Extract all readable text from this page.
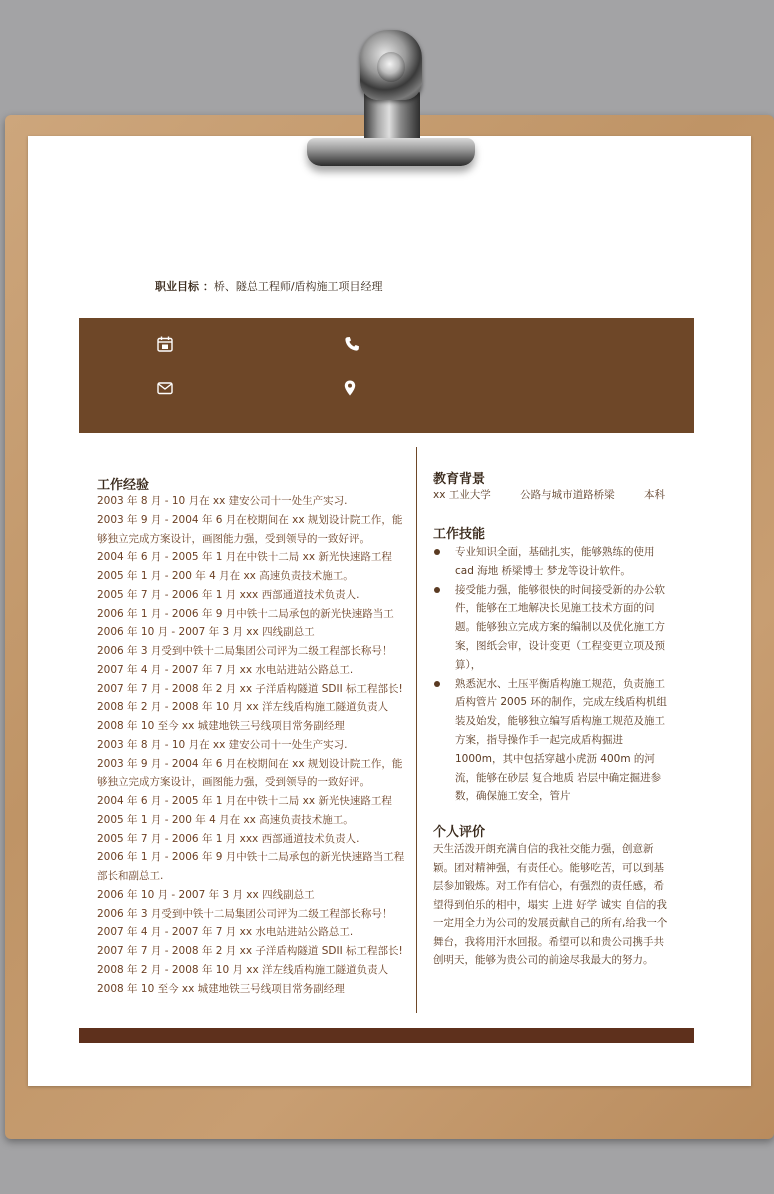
职业目标 ：桥、隧总工程师/盾构施工项目经理
工作经验
2003 年 8 月 - 10 月在 xx 建安公司十一处生产实习.
2003 年 9 月 - 2004 年 6 月在校期间在 xx 规划设计院工作，能够独立完成方案设计，画图能力强，受到领导的一致好评。
2004 年 6 月 - 2005 年 1 月在中铁十二局 xx 新光快速路工程
2005 年 1 月 - 200 年 4 月在 xx 高速负责技术施工。
2005 年 7 月 - 2006 年 1 月 xxx 西部通道技术负责人.
2006 年 1 月 - 2006 年 9 月中铁十二局承包的新光快速路当工
2006 年 10 月 - 2007 年 3 月 xx 四线副总工
2006 年 3 月受到中铁十二局集团公司评为二级工程部长称号！
2007 年 4 月 - 2007 年 7 月 xx 水电站进站公路总工.
2007 年 7 月 - 2008 年 2 月 xx 子洋盾构隧道 SDII 标工程部长!
2008 年 2 月 - 2008 年 10 月 xx 洋左线盾构施工隧道负责人
2008 年 10 至今 xx 城建地铁三号线项目常务副经理
2003 年 8 月 - 10 月在 xx 建安公司十一处生产实习.
2003 年 9 月 - 2004 年 6 月在校期间在 xx 规划设计院工作，能够独立完成方案设计，画图能力强，受到领导的一致好评。
2004 年 6 月 - 2005 年 1 月在中铁十二局 xx 新光快速路工程
2005 年 1 月 - 200 年 4 月在 xx 高速负责技术施工。
2005 年 7 月 - 2006 年 1 月 xxx 西部通道技术负责人.
2006 年 1 月 - 2006 年 9 月中铁十二局承包的新光快速路当工程部长和副总工.
2006 年 10 月 - 2007 年 3 月 xx 四线副总工
2006 年 3 月受到中铁十二局集团公司评为二级工程部长称号！
2007 年 4 月 - 2007 年 7 月 xx 水电站进站公路总工.
2007 年 7 月 - 2008 年 2 月 xx 子洋盾构隧道 SDII 标工程部长!
2008 年 2 月 - 2008 年 10 月 xx 洋左线盾构施工隧道负责人
2008 年 10 至今 xx 城建地铁三号线项目常务副经理
教育背景
xx 工业大学	公路与城市道路桥梁	本科
工作技能
专业知识全面，基础扎实，能够熟练的使用 cad 海地 桥梁博士 梦龙等设计软件。
接受能力强，能够很快的时间接受新的办公软件，能够在工地解决长见施工技术方面的问题。能够独立完成方案的编制以及优化施工方案，图纸会审，设计变更（工程变更立项及预算），
熟悉泥水、土压平衡盾构施工规范，负责施工盾构管片 2005 环的制作，完成左线盾构机组装及始发，能够独立编写盾构施工规范及施工方案，指导操作手一起完成盾构掘进 1000m，其中包括穿越小虎沥 400m 的河流，能够在砂层 复合地质 岩层中确定掘进参数，确保施工安全，管片
个人评价

天生活泼开朗充满自信的我社交能力强，创意新颖。团对精神强，有责任心。能够吃苦，可以到基层参加锻炼。对工作有信心，有强烈的责任感，希望得到伯乐的相中，塌实 上进 好学 诚实 自信的我一定用全力为公司的发展贡献自己的所有,给我一个舞台，我将用汗水回报。希望可以和贵公司携手共创明天，能够为贵公司的前途尽我最大的努力。
